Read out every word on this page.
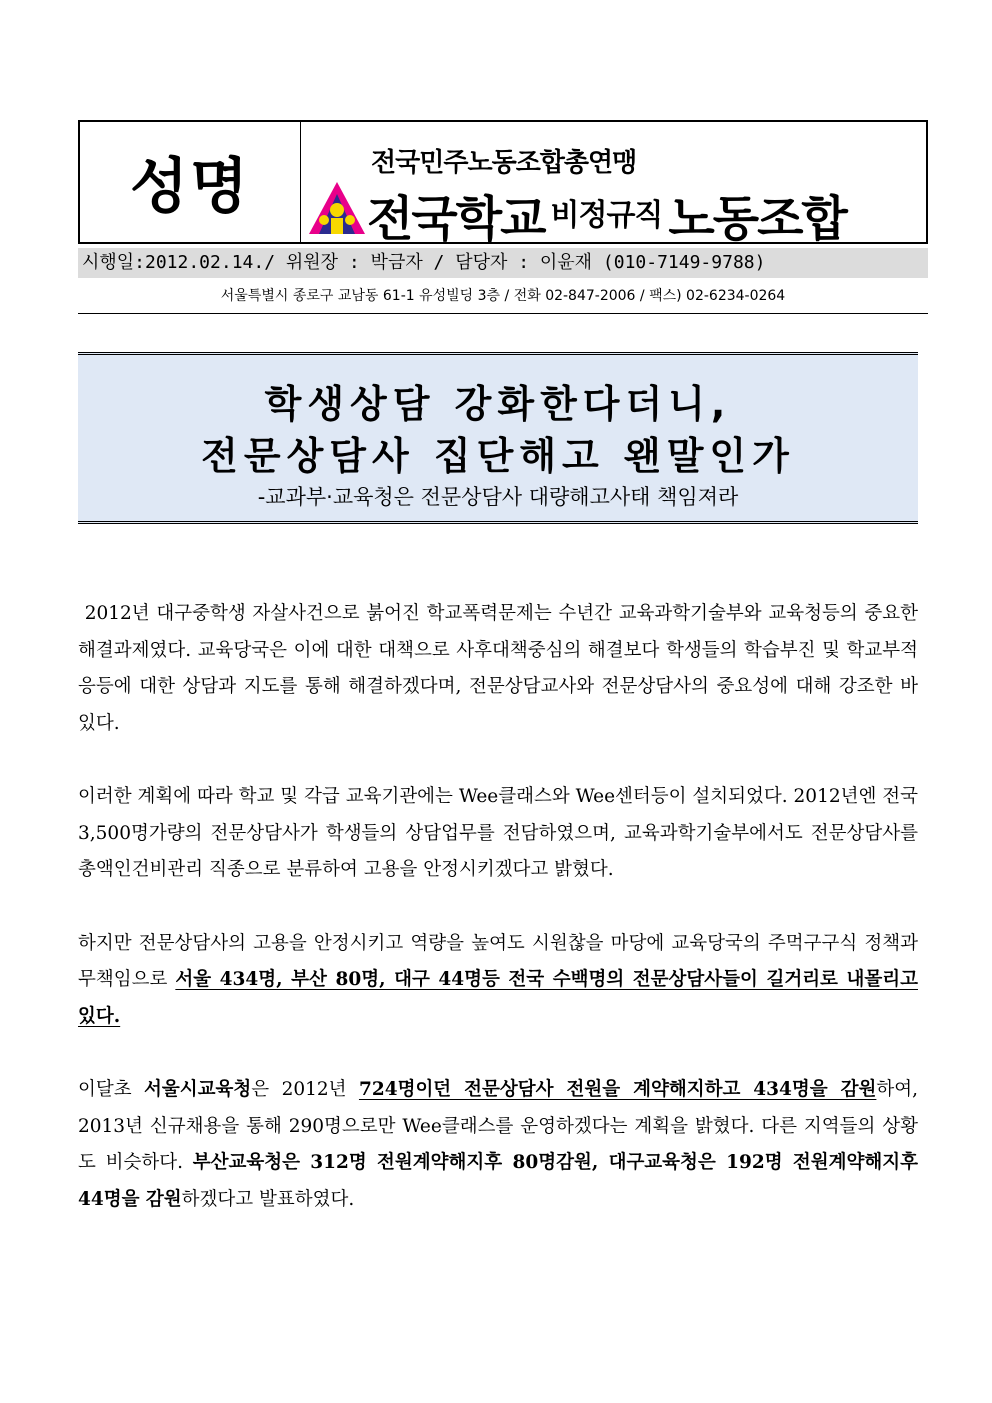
성명	전국민주노동조합총연맹
전국학교 비정규직 노동조합
시행일:2012.02.14./ 위원장 : 박금자 / 담당자 : 이윤재 (010-7149-9788)
서울특별시 종로구 교남동 61-1 유성빌딩 3층 / 전화 02-847-2006 / 팩스) 02-6234-0264
학생상담 강화한다더니,
전문상담사 집단해고 왠말인가
-교과부·교육청은 전문상담사 대량해고사태 책임져라

2012년 대구중학생 자살사건으로 붉어진 학교폭력문제는 수년간 교육과학기술부와 교육청등의 중요한 해결과제였다. 교육당국은 이에 대한 대책으로 사후대책중심의 해결보다 학생들의 학습부진 및 학교부적응등에 대한 상담과 지도를 통해 해결하겠다며, 전문상담교사와 전문상담사의 중요성에 대해 강조한 바 있다.

이러한 계획에 따라 학교 및 각급 교육기관에는 Wee클래스와 Wee센터등이 설치되었다. 2012년엔 전국 3,500명가량의 전문상담사가 학생들의 상담업무를 전담하였으며, 교육과학기술부에서도 전문상담사를 총액인건비관리 직종으로 분류하여 고용을 안정시키겠다고 밝혔다.

하지만 전문상담사의 고용을 안정시키고 역량을 높여도 시원찮을 마당에 교육당국의 주먹구구식 정책과 무책임으로 서울 434명, 부산 80명, 대구 44명등 전국 수백명의 전문상담사들이 길거리로 내몰리고 있다.

이달초 서울시교육청은 2012년 724명이던 전문상담사 전원을 계약해지하고 434명을 감원하여, 2013년 신규채용을 통해 290명으로만 Wee클래스를 운영하겠다는 계획을 밝혔다. 다른 지역들의 상황도 비슷하다. 부산교육청은 312명 전원계약해지후 80명감원, 대구교육청은 192명 전원계약해지후 44명을 감원하겠다고 발표하였다.
